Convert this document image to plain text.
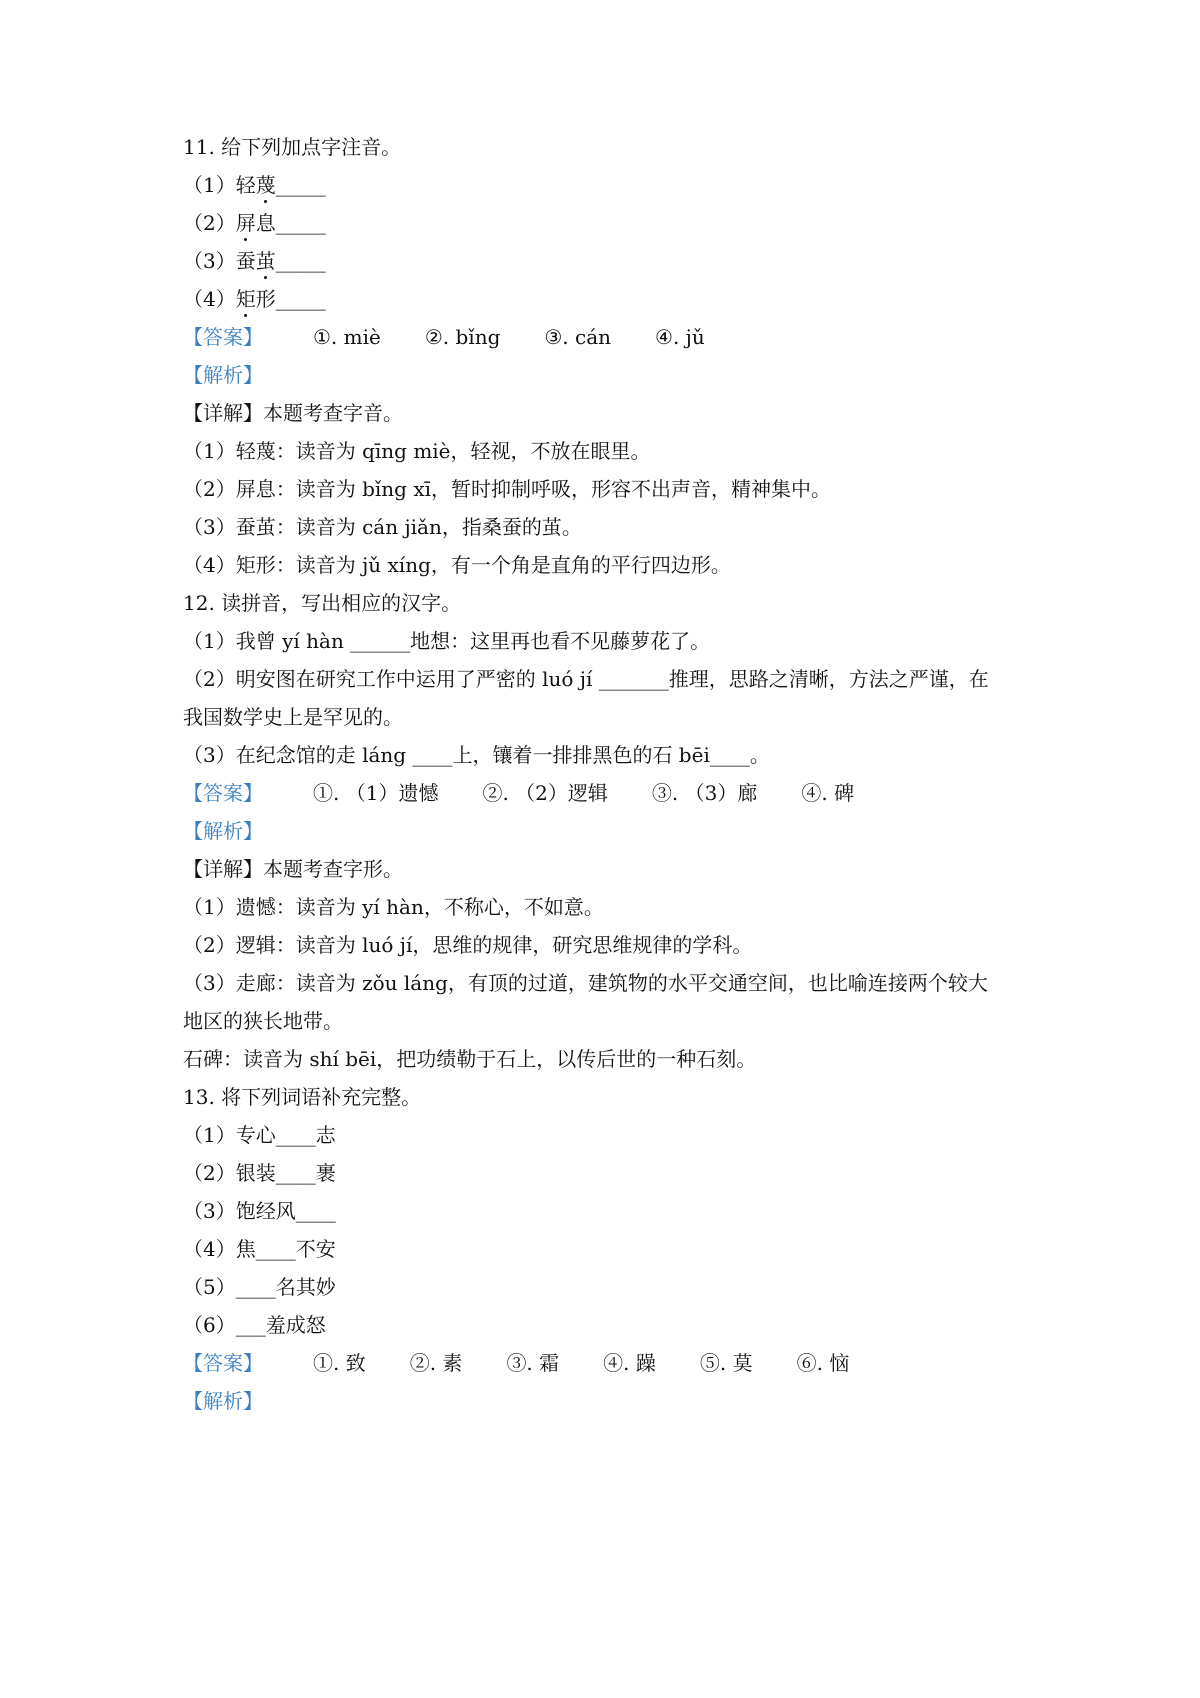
11. 给下列加点字注音。
（1）轻蔑_____
（2）屏息_____
（3）蚕茧_____
（4）矩形_____
【答案】	①. miè ②. bǐng ③. cán ④. jǔ
【解析】
【详解】本题考查字音。
（1）轻蔑：读音为 qīng miè，轻视，不放在眼里。
（2）屏息：读音为 bǐng xī，暂时抑制呼吸，形容不出声音，精神集中。
（3）蚕茧：读音为 cán jiǎn，指桑蚕的茧。
（4）矩形：读音为 jǔ xíng，有一个角是直角的平行四边形。
12. 读拼音，写出相应的汉字。
（1）我曾 yí hàn ______地想：这里再也看不见藤萝花了。
（2）明安图在研究工作中运用了严密的 luó jí _______推理，思路之清晰，方法之严谨，在
我国数学史上是罕见的。
（3）在纪念馆的走 láng ____上，镶着一排排黑色的石 bēi____。
【答案】	①. （1）遗憾 ②. （2）逻辑 ③. （3）廊 ④. 碑
【解析】
【详解】本题考查字形。
（1）遗憾：读音为 yí hàn，不称心，不如意。
（2）逻辑：读音为 luó jí，思维的规律，研究思维规律的学科。
（3）走廊：读音为 zǒu láng，有顶的过道，建筑物的水平交通空间，也比喻连接两个较大
地区的狭长地带。
石碑：读音为 shí bēi，把功绩勒于石上，以传后世的一种石刻。
13. 将下列词语补充完整。
（1）专心____志
（2）银装____裹
（3）饱经风____
（4）焦____不安
（5）____名其妙
（6）___羞成怒
【答案】	①. 致 ②. 素 ③. 霜 ④. 躁 ⑤. 莫 ⑥. 恼
【解析】
